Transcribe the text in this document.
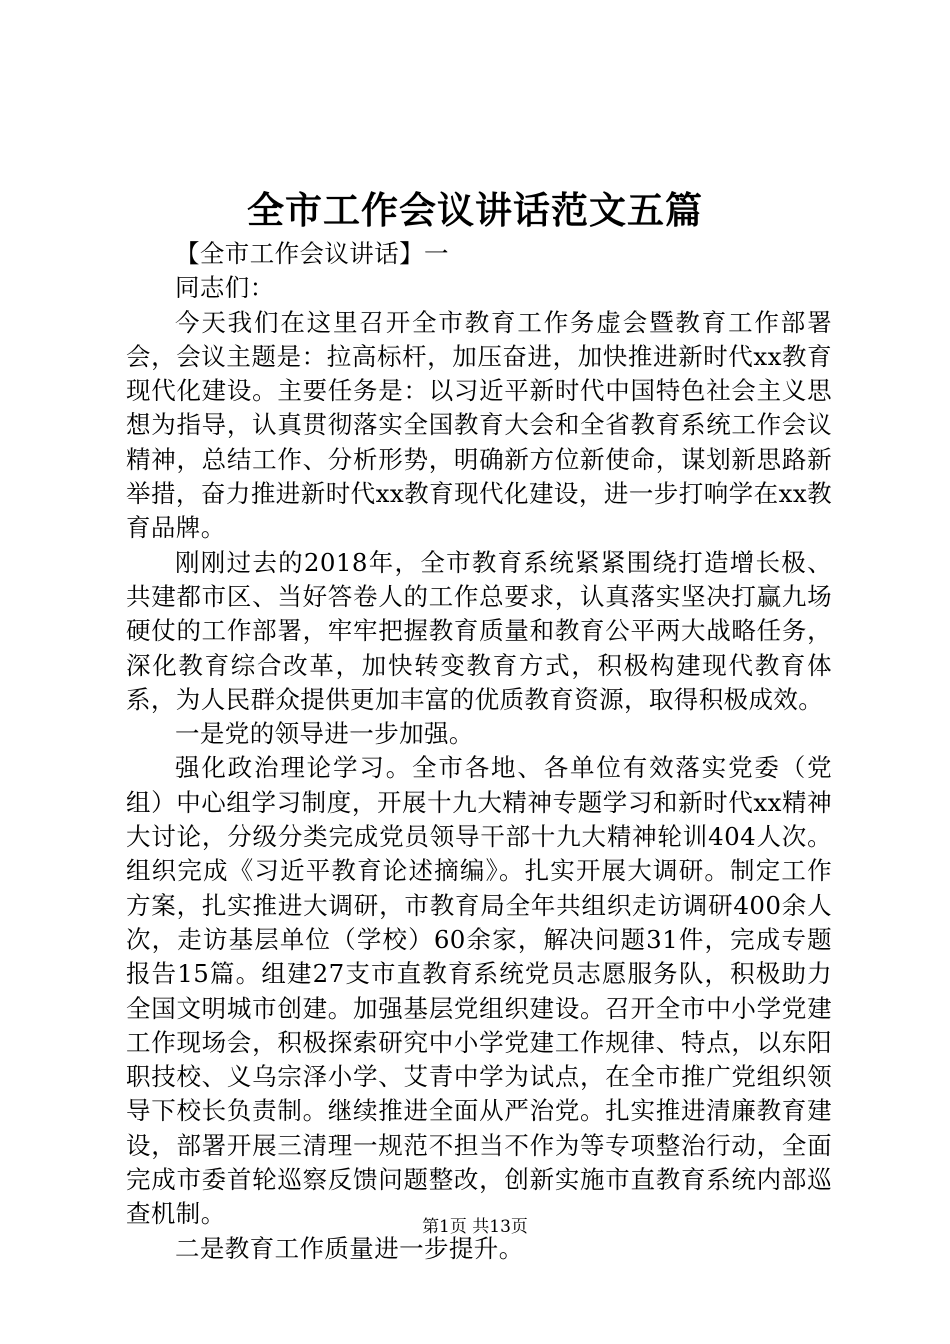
全市工作会议讲话范文五篇

【全市工作会议讲话】一

同志们：

今天我们在这里召开全市教育工作务虚会暨教育工作部署会，会议主题是：拉高标杆，加压奋进，加快推进新时代xx教育现代化建设。主要任务是：以习近平新时代中国特色社会主义思想为指导，认真贯彻落实全国教育大会和全省教育系统工作会议精神，总结工作、分析形势，明确新方位新使命，谋划新思路新举措，奋力推进新时代xx教育现代化建设，进一步打响学在xx教育品牌。

刚刚过去的2018年，全市教育系统紧紧围绕打造增长极、共建都市区、当好答卷人的工作总要求，认真落实坚决打赢九场硬仗的工作部署，牢牢把握教育质量和教育公平两大战略任务，深化教育综合改革，加快转变教育方式，积极构建现代教育体系，为人民群众提供更加丰富的优质教育资源，取得积极成效。

一是党的领导进一步加强。

强化政治理论学习。全市各地、各单位有效落实党委（党组）中心组学习制度，开展十九大精神专题学习和新时代xx精神大讨论，分级分类完成党员领导干部十九大精神轮训404人次。组织完成《习近平教育论述摘编》。扎实开展大调研。制定工作方案，扎实推进大调研，市教育局全年共组织走访调研400余人次，走访基层单位（学校）60余家，解决问题31件，完成专题报告15篇。组建27支市直教育系统党员志愿服务队，积极助力全国文明城市创建。加强基层党组织建设。召开全市中小学党建工作现场会，积极探索研究中小学党建工作规律、特点，以东阳职技校、义乌宗泽小学、艾青中学为试点，在全市推广党组织领导下校长负责制。继续推进全面从严治党。扎实推进清廉教育建设，部署开展三清理一规范不担当不作为等专项整治行动，全面完成市委首轮巡察反馈问题整改，创新实施市直教育系统内部巡查机制。

二是教育工作质量进一步提升。

第1页 共13页
